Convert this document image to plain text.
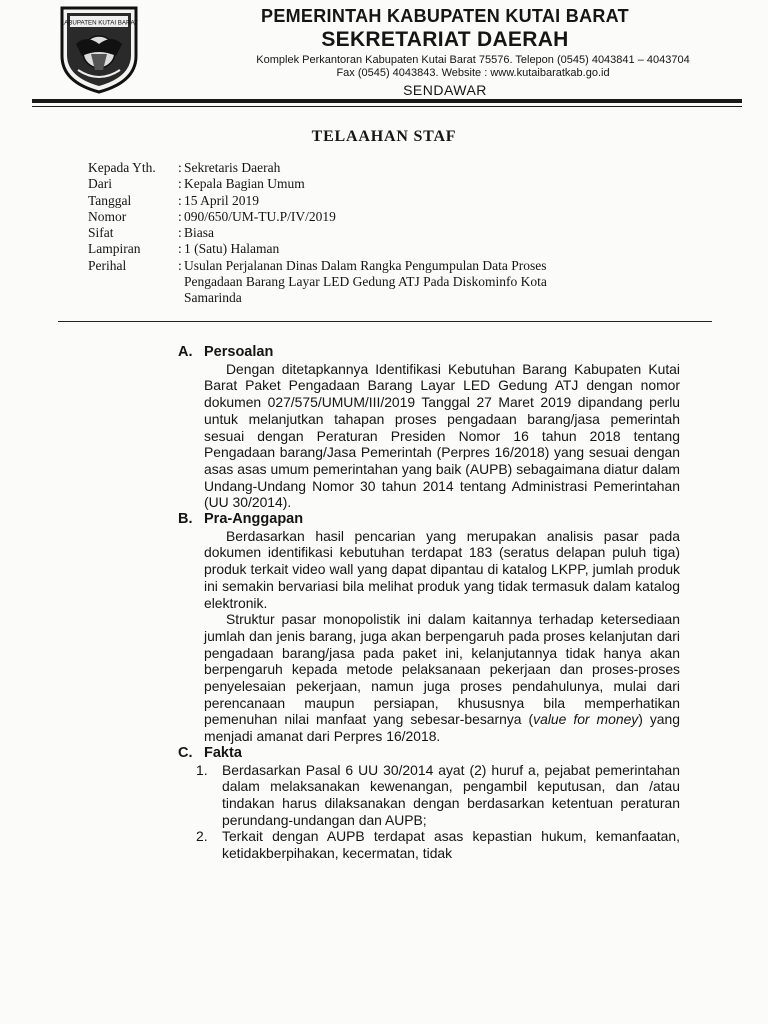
KABUPATEN KUTAI BARAT	PEMERINTAH KABUPATEN KUTAI BARAT
SEKRETARIAT DAERAH
Komplek Perkantoran Kabupaten Kutai Barat 75576. Telepon (0545) 4043841 – 4043704
Fax (0545) 4043843. Website : www.kutaibaratkab.go.id
SENDAWAR
TELAAHAN STAF
Kepada Yth.	: Sekretaris Daerah
Dari	: Kepala Bagian Umum
Tanggal	: 15 April 2019
Nomor	: 090/650/UM-TU.P/IV/2019
Sifat	: Biasa
Lampiran	: 1 (Satu) Halaman
Perihal	: Usulan Perjalanan Dinas Dalam Rangka Pengumpulan Data Proses
Pengadaan Barang Layar LED Gedung ATJ Pada Diskominfo Kota
Samarinda
A. Persoalan
Dengan ditetapkannya Identifikasi Kebutuhan Barang Kabupaten Kutai Barat Paket Pengadaan Barang Layar LED Gedung ATJ dengan nomor dokumen 027/575/UMUM/III/2019 Tanggal 27 Maret 2019 dipandang perlu untuk melanjutkan tahapan proses pengadaan barang/jasa pemerintah sesuai dengan Peraturan Presiden Nomor 16 tahun 2018 tentang Pengadaan barang/Jasa Pemerintah (Perpres 16/2018) yang sesuai dengan asas asas umum pemerintahan yang baik (AUPB) sebagaimana diatur dalam Undang-Undang Nomor 30 tahun 2014 tentang Administrasi Pemerintahan (UU 30/2014).
B. Pra-Anggapan
Berdasarkan hasil pencarian yang merupakan analisis pasar pada dokumen identifikasi kebutuhan terdapat 183 (seratus delapan puluh tiga) produk terkait video wall yang dapat dipantau di katalog LKPP, jumlah produk ini semakin bervariasi bila melihat produk yang tidak termasuk dalam katalog elektronik.
Struktur pasar monopolistik ini dalam kaitannya terhadap ketersediaan jumlah dan jenis barang, juga akan berpengaruh pada proses kelanjutan dari pengadaan barang/jasa pada paket ini, kelanjutannya tidak hanya akan berpengaruh kepada metode pelaksanaan pekerjaan dan proses-proses penyelesaian pekerjaan, namun juga proses pendahulunya, mulai dari perencanaan maupun persiapan, khususnya bila memperhatikan pemenuhan nilai manfaat yang sebesar-besarnya (value for money) yang menjadi amanat dari Perpres 16/2018.
C. Fakta
1.	Berdasarkan Pasal 6 UU 30/2014 ayat (2) huruf a, pejabat pemerintahan dalam melaksanakan kewenangan, pengambil keputusan, dan /atau tindakan harus dilaksanakan dengan berdasarkan ketentuan peraturan perundang-undangan dan AUPB;
2.	Terkait dengan AUPB terdapat asas kepastian hukum, kemanfaatan, ketidakberpihakan, kecermatan, tidak
